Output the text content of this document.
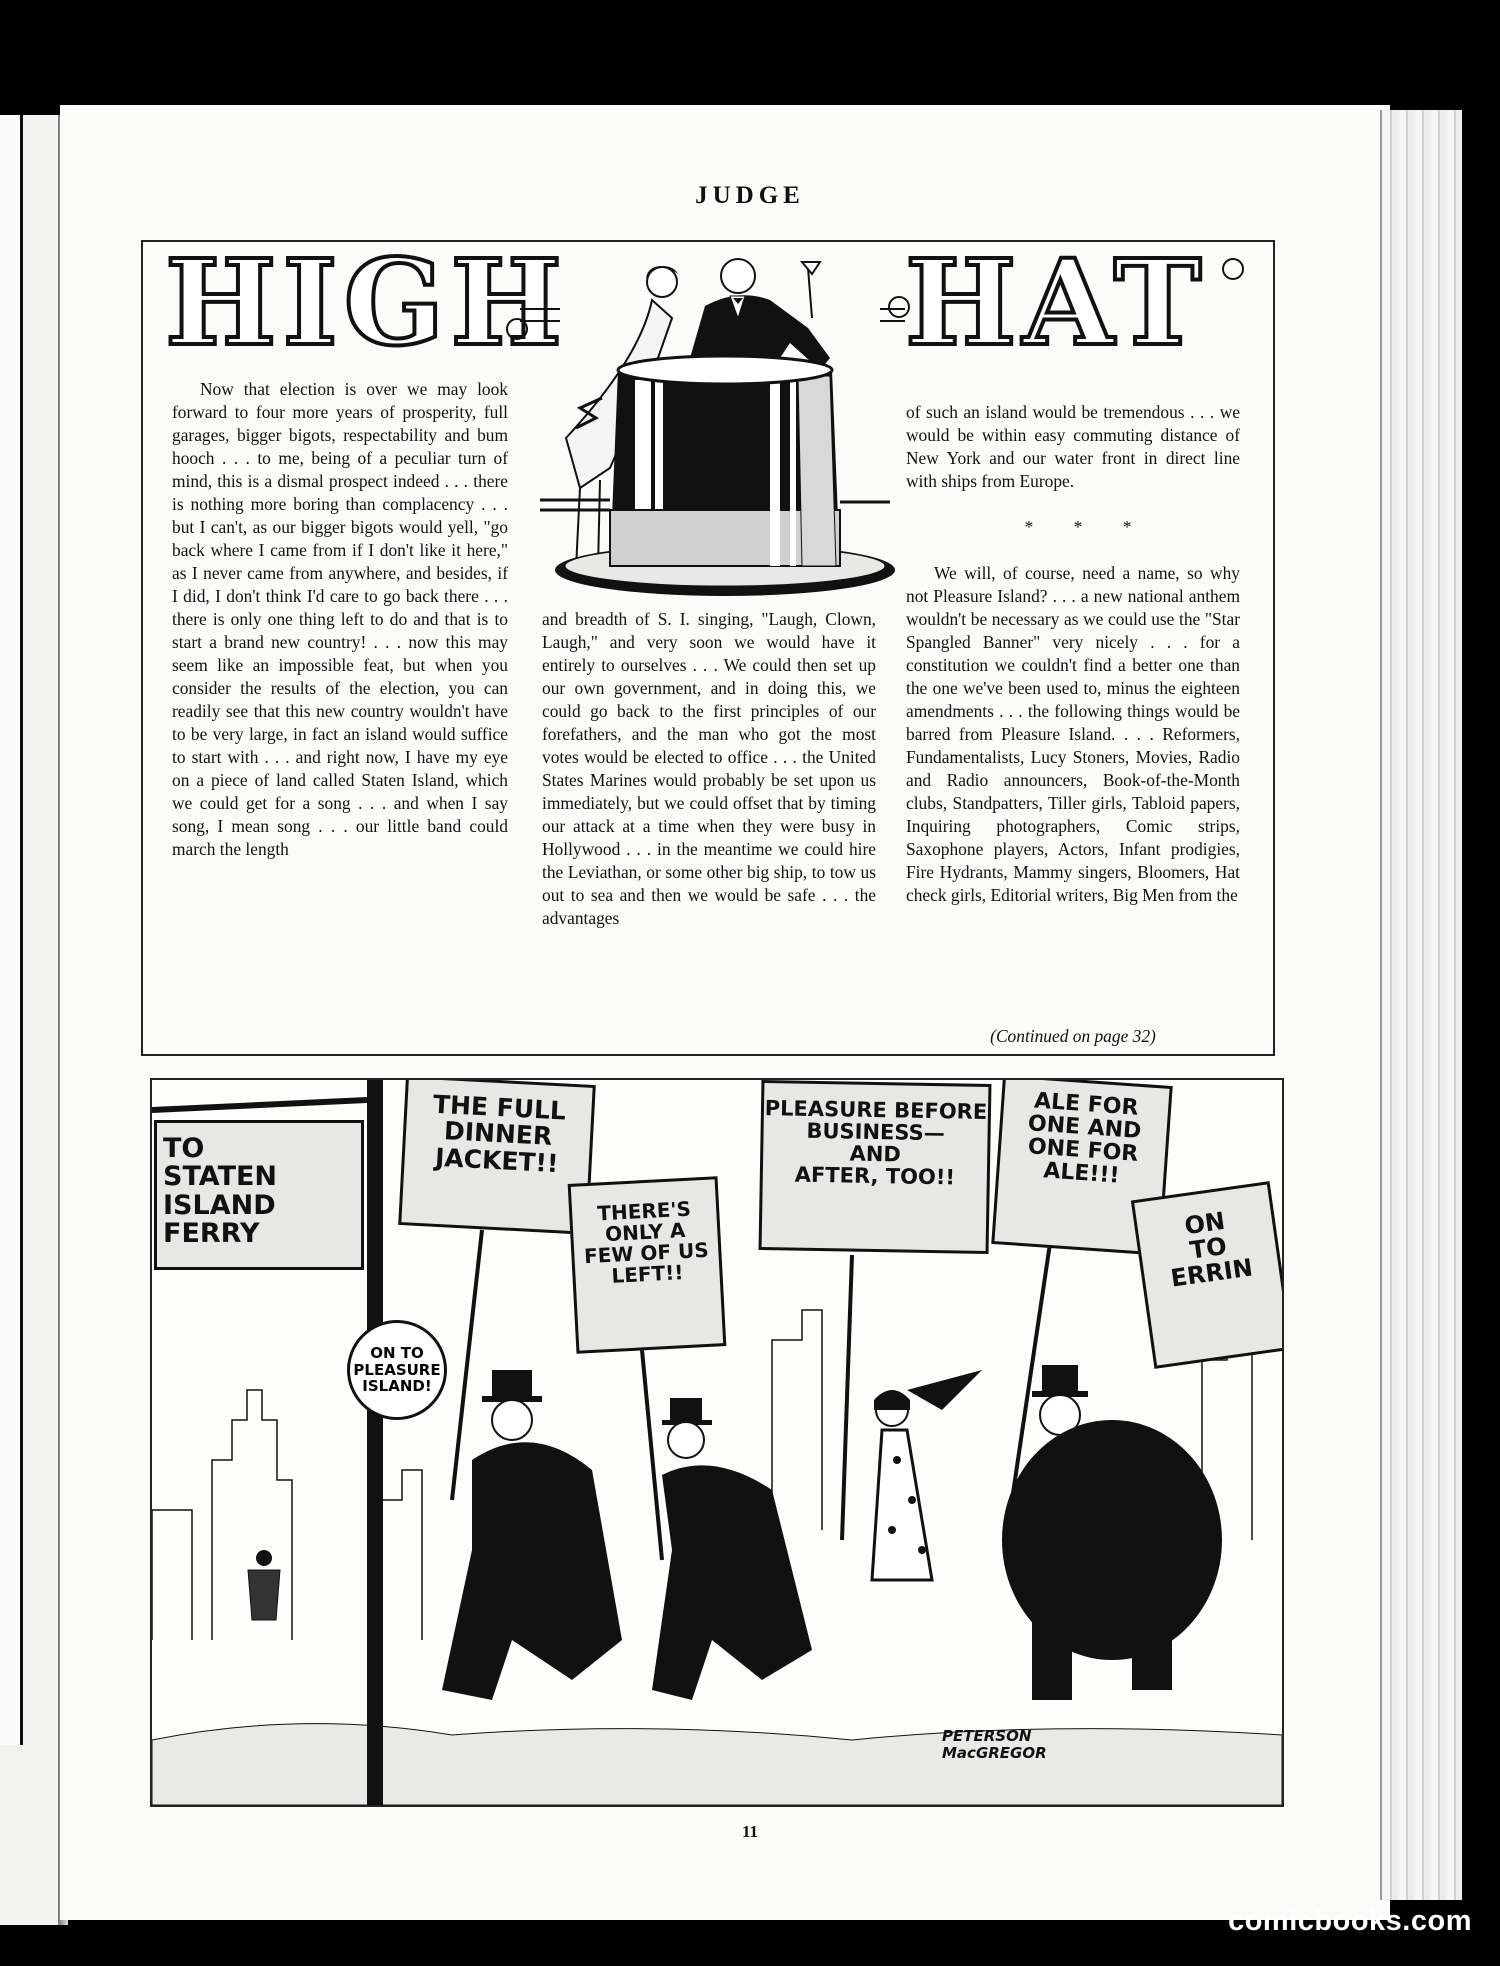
JUDGE
HIGH	HAT
Now that election is over we may look forward to four more years of prosperity, full garages, bigger bigots, respectability and bum hooch . . . to me, being of a peculiar turn of mind, this is a dismal prospect indeed . . . there is nothing more boring than complacency . . . but I can't, as our bigger bigots would yell, "go back where I came from if I don't like it here," as I never came from anywhere, and besides, if I did, I don't think I'd care to go back there . . . there is only one thing left to do and that is to start a brand new country! . . . now this may seem like an impossible feat, but when you consider the results of the election, you can readily see that this new country wouldn't have to be very large, in fact an island would suffice to start with . . . and right now, I have my eye on a piece of land called Staten Island, which we could get for a song . . . and when I say song, I mean song . . . our little band could march the length
and breadth of S. I. singing, "Laugh, Clown, Laugh," and very soon we would have it entirely to ourselves . . . We could then set up our own government, and in doing this, we could go back to the first principles of our forefathers, and the man who got the most votes would be elected to office . . . the United States Marines would probably be set upon us immediately, but we could offset that by timing our attack at a time when they were busy in Hollywood . . . in the meantime we could hire the Leviathan, or some other big ship, to tow us out to sea and then we would be safe . . . the advantages

of such an island would be tremendous . . . we would be within easy commuting distance of New York and our water front in direct line with ships from Europe.

* * *

We will, of course, need a name, so why not Pleasure Island? . . . a new national anthem wouldn't be necessary as we could use the "Star Spangled Banner" very nicely . . . for a constitution we couldn't find a better one than the one we've been used to, minus the eighteen amendments . . . the following things would be barred from Pleasure Island. . . . Reformers, Fundamentalists, Lucy Stoners, Movies, Radio and Radio announcers, Book-of-the-Month clubs, Standpatters, Tiller girls, Tabloid papers, Inquiring photographers, Comic strips, Saxophone players, Actors, Infant prodigies, Fire Hydrants, Mammy singers, Bloomers, Hat check girls, Editorial writers, Big Men from the

(Continued on page 32)
TO
STATEN
ISLAND
FERRY
ON TO
PLEASURE
ISLAND!
THE FULL
DINNER
JACKET!!
THERE'S
ONLY A
FEW OF US
LEFT!!
PLEASURE BEFORE
BUSINESS—
AND
AFTER, TOO!!
ALE FOR
ONE AND
ONE FOR
ALE!!!
ON
TO
ERRIN
PETERSON
MacGREGOR
11
comicbooks.com
